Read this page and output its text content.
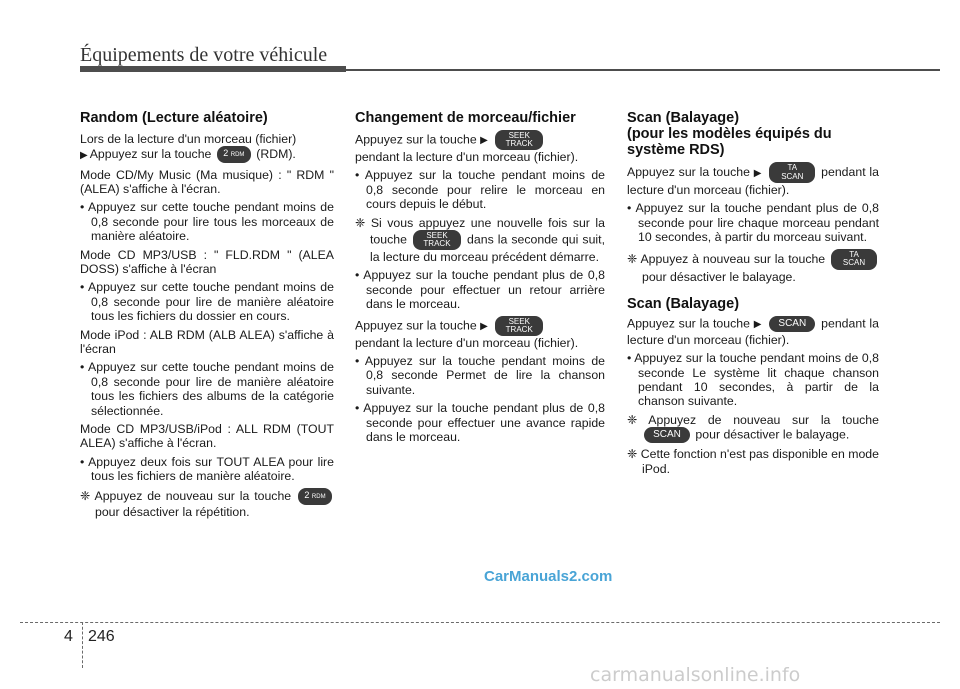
Équipements de votre véhicule
Random (Lecture aléatoire)

Lors de la lecture d'un morceau (fichier)
▶ Appuyez sur la touche 2 RDM (RDM).

Mode CD/My Music (Ma musique) : " RDM " (ALEA) s'affiche à l'écran.

• Appuyez sur cette touche pendant moins de 0,8 seconde pour lire tous les morceaux de manière aléatoire.

Mode CD MP3/USB : " FLD.RDM " (ALEA DOSS) s'affiche à l'écran

• Appuyez sur cette touche pendant moins de 0,8 seconde pour lire de manière aléatoire tous les fichiers du dossier en cours.

Mode iPod : ALB RDM (ALB ALEA) s'affiche à l'écran

• Appuyez sur cette touche pendant moins de 0,8 seconde pour lire de manière aléatoire tous les fichiers des albums de la catégorie sélectionnée.

Mode CD MP3/USB/iPod : ALL RDM (TOUT ALEA) s'affiche à l'écran.

• Appuyez deux fois sur TOUT ALEA pour lire tous les fichiers de manière aléatoire.

❈ Appuyez de nouveau sur la touche 2 RDM pour désactiver la répétition.

Changement de morceau/fichier

Appuyez sur la touche ▶	SEEK
TRACK
pendant la lecture d'un morceau (fichier).

• Appuyez sur la touche pendant moins de 0,8 seconde pour relire le morceau en cours depuis le début.

❈ Si vous appuyez une nouvelle fois sur la touche SEEK
TRACK dans la seconde qui suit, la lecture du morceau précédent démarre.

• Appuyez sur la touche pendant plus de 0,8 seconde pour effectuer un retour arrière dans le morceau.

Appuyez sur la touche ▶	SEEK
TRACK
pendant la lecture d'un morceau (fichier).

• Appuyez sur la touche pendant moins de 0,8 seconde Permet de lire la chanson suivante.

• Appuyez sur la touche pendant plus de 0,8 seconde pour effectuer une avance rapide dans le morceau.

Scan (Balayage)
(pour les modèles équipés du système RDS)

Appuyez sur la touche ▶ TA
SCAN pendant la lecture d'un morceau (fichier).

• Appuyez sur la touche pendant plus de 0,8 seconde pour lire chaque morceau pendant 10 secondes, à partir du morceau suivant.

❈ Appuyez à nouveau sur la touche	TA
SCAN pour désactiver le balayage.

Scan (Balayage)

Appuyez sur la touche ▶ SCAN pendant la lecture d'un morceau (fichier).

• Appuyez sur la touche pendant moins de 0,8 seconde Le système lit chaque chanson pendant 10 secondes, à partir de la chanson suivante.

❈ Appuyez de nouveau sur la touche SCAN pour désactiver le balayage.

❈ Cette fonction n'est pas disponible en mode iPod.

CarManuals2.com
4 246
carmanualsonline.info
